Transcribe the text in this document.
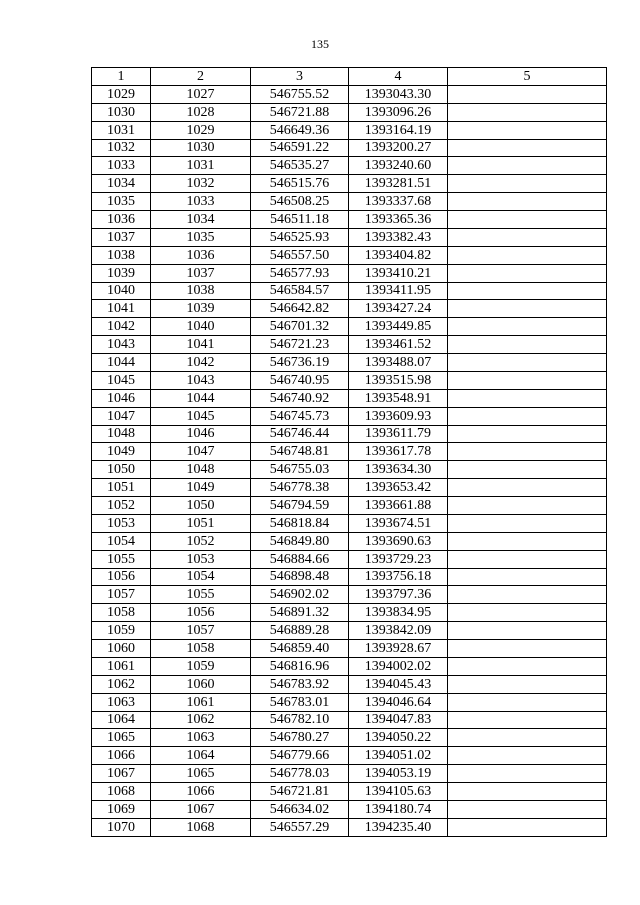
135
1	2	3	4	5
1029	1027	546755.52	1393043.30	
1030	1028	546721.88	1393096.26	
1031	1029	546649.36	1393164.19	
1032	1030	546591.22	1393200.27	
1033	1031	546535.27	1393240.60	
1034	1032	546515.76	1393281.51	
1035	1033	546508.25	1393337.68	
1036	1034	546511.18	1393365.36	
1037	1035	546525.93	1393382.43	
1038	1036	546557.50	1393404.82	
1039	1037	546577.93	1393410.21	
1040	1038	546584.57	1393411.95	
1041	1039	546642.82	1393427.24	
1042	1040	546701.32	1393449.85	
1043	1041	546721.23	1393461.52	
1044	1042	546736.19	1393488.07	
1045	1043	546740.95	1393515.98	
1046	1044	546740.92	1393548.91	
1047	1045	546745.73	1393609.93	
1048	1046	546746.44	1393611.79	
1049	1047	546748.81	1393617.78	
1050	1048	546755.03	1393634.30	
1051	1049	546778.38	1393653.42	
1052	1050	546794.59	1393661.88	
1053	1051	546818.84	1393674.51	
1054	1052	546849.80	1393690.63	
1055	1053	546884.66	1393729.23	
1056	1054	546898.48	1393756.18	
1057	1055	546902.02	1393797.36	
1058	1056	546891.32	1393834.95	
1059	1057	546889.28	1393842.09	
1060	1058	546859.40	1393928.67	
1061	1059	546816.96	1394002.02	
1062	1060	546783.92	1394045.43	
1063	1061	546783.01	1394046.64	
1064	1062	546782.10	1394047.83	
1065	1063	546780.27	1394050.22	
1066	1064	546779.66	1394051.02	
1067	1065	546778.03	1394053.19	
1068	1066	546721.81	1394105.63	
1069	1067	546634.02	1394180.74	
1070	1068	546557.29	1394235.40	
